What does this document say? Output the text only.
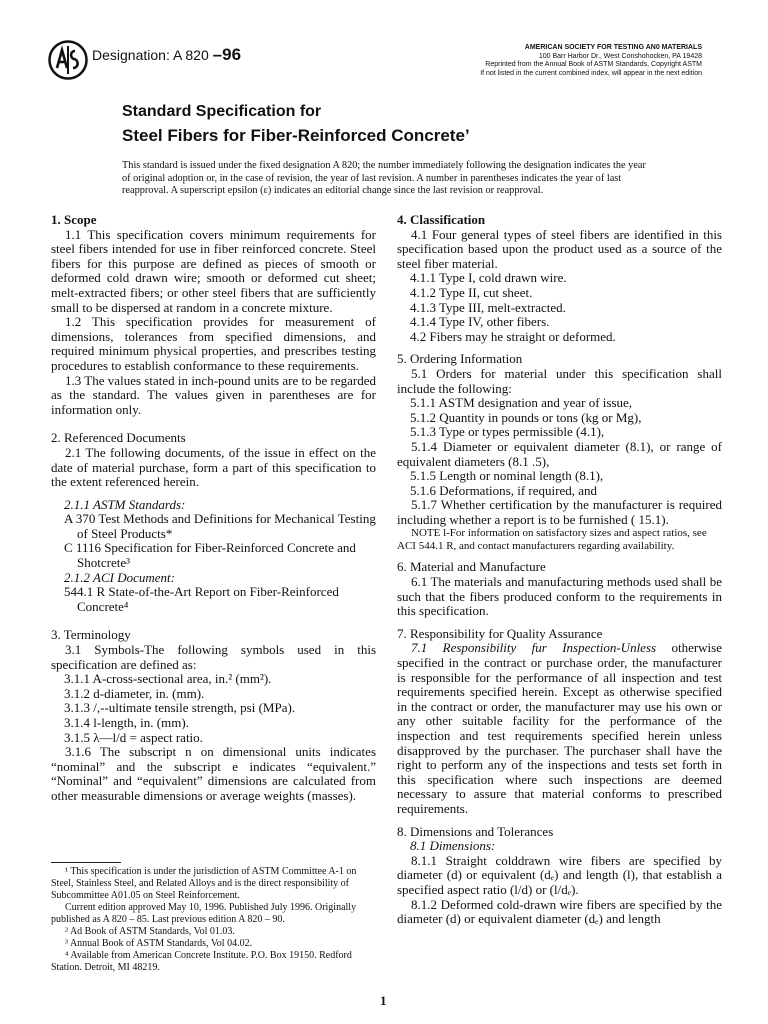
Designation: A 820 –96	AMERICAN SOCIETY FOR TESTING AN0 MATERIALS
100 Barr Harbor Dr., West Conshohocken, PA 19428
Reprinted from the Annual Book of ASTM Standards, Copyright ASTM
If not listed in the current combined index, will appear in the next edition
Standard Specification for
Steel Fibers for Fiber-Reinforced Concrete’
This standard is issued under the fixed designation A 820; the number immediately following the designation indicates the year of original adoption or, in the case of revision, the year of last revision. A number in parentheses indicates the year of last reapproval. A superscript epsilon (ε) indicates an editorial change since the last revision or reapproval.

1. Scope

1.1 This specification covers minimum requirements for steel fibers intended for use in fiber reinforced concrete. Steel fibers for this purpose are defined as pieces of smooth or deformed cold drawn wire; smooth or deformed cut sheet; melt-extracted fibers; or other steel fibers that are sufficiently small to be dispersed at random in a concrete mixture.

1.2 This specification provides for measurement of dimensions, tolerances from specified dimensions, and required minimum physical properties, and prescribes testing procedures to establish conformance to these requirements.

1.3 The values stated in inch-pound units are to be regarded as the standard. The values given in parentheses are for information only.

2. Referenced Documents

2.1 The following documents, of the issue in effect on the date of material purchase, form a part of this specification to the extent referenced herein.

2.1.1 ASTM Standards:

A 370 Test Methods and Definitions for Mechanical Testing of Steel Products*

C 1116 Specification for Fiber-Reinforced Concrete and Shotcrete³

2.1.2 ACI Document:

544.1 R State-of-the-Art Report on Fiber-Reinforced Concrete⁴

3. Terminology

3.1 Symbols-The following symbols used in this specification are defined as:

3.1.1 A-cross-sectional area, in.² (mm²).

3.1.2 d-diameter, in. (mm).

3.1.3 /,--ultimate tensile strength, psi (MPa).

3.1.4 l-length, in. (mm).

3.1.5 λ—l/d = aspect ratio.

3.1.6 The subscript n on dimensional units indicates “nominal” and the subscript e indicates “equivalent.” “Nominal” and “equivalent” dimensions are calculated from other measurable dimensions or average weights (masses).

¹ This specification is under the jurisdiction of ASTM Committee A-1 on Steel, Stainless Steel, and Related Alloys and is the direct responsibility of Subcommittee A01.05 on Steel Reinforcement.

Current edition approved May 10, 1996. Published July 1996. Originally published as A 820 – 85. Last previous edition A 820 – 90.

² Ad Book of ASTM Standards, Vol 01.03.

³ Annual Book of ASTM Standards, Vol 04.02.

⁴ Available from American Concrete Institute. P.O. Box 19150. Redford Station. Detroit, MI 48219.

4. Classification

4.1 Four general types of steel fibers are identified in this specification based upon the product used as a source of the steel fiber material.

4.1.1 Type I, cold drawn wire.

4.1.2 Type II, cut sheet.

4.1.3 Type III, melt-extracted.

4.1.4 Type IV, other fibers.

4.2 Fibers may he straight or deformed.

5. Ordering Information

5.1 Orders for material under this specification shall include the following:

5.1.1 ASTM designation and year of issue,

5.1.2 Quantity in pounds or tons (kg or Mg),

5.1.3 Type or types permissible (4.1),

5.1.4 Diameter or equivalent diameter (8.1), or range of equivalent diameters (8.1 .5),

5.1.5 Length or nominal length (8.1),

5.1.6 Deformations, if required, and

5.1.7 Whether certification by the manufacturer is required including whether a report is to be furnished ( 15.1).

NOTE l-For information on satisfactory sizes and aspect ratios, see ACI 544.1 R, and contact manufacturers regarding availability.

6. Material and Manufacture

6.1 The materials and manufacturing methods used shall be such that the fibers produced conform to the requirements in this specification.

7. Responsibility for Quality Assurance

7.1 Responsibility fur Inspection-Unless otherwise specified in the contract or purchase order, the manufacturer is responsible for the performance of all inspection and test requirements specified herein. Except as otherwise specified in the contract or order, the manufacturer may use his own or any other suitable facility for the performance of the inspection and test requirements specified herein unless disapproved by the purchaser. The purchaser shall have the right to perform any of the inspections and tests set forth in this specification where such inspections are deemed necessary to assure that material conforms to prescribed requirements.

8. Dimensions and Tolerances

8.1 Dimensions:

8.1.1 Straight colddrawn wire fibers are specified by diameter (d) or equivalent (dₑ) and length (l), that establish a specified aspect ratio (l/d) or (l/dₑ).

8.1.2 Deformed cold-drawn wire fibers are specified by the diameter (d) or equivalent diameter (dₑ) and length

1
